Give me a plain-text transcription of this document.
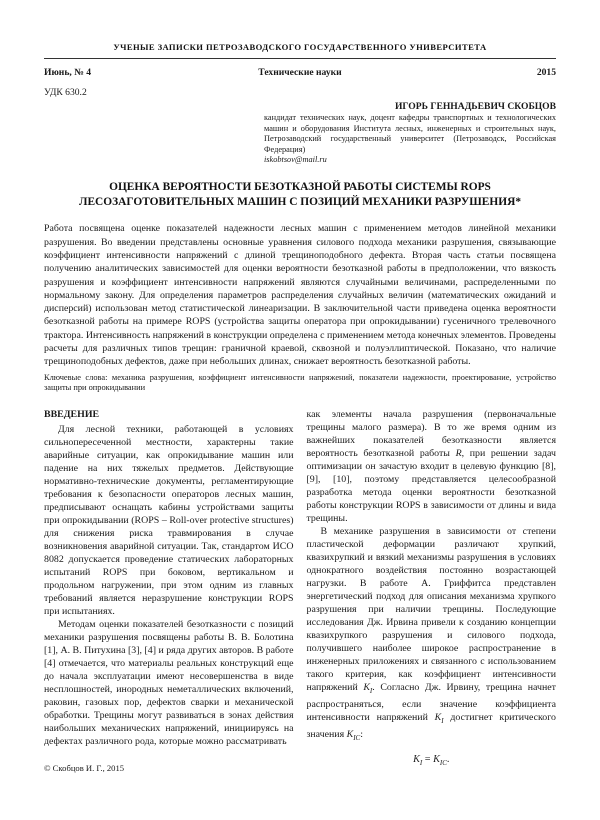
УЧЕНЫЕ ЗАПИСКИ ПЕТРОЗАВОДСКОГО ГОСУДАРСТВЕННОГО УНИВЕРСИТЕТА
Июнь, № 4	Технические науки	2015
УДК 630.2
ИГОРЬ ГЕННАДЬЕВИЧ СКОБЦОВ
кандидат технических наук, доцент кафедры транспортных и технологических машин и оборудования Института лесных, инженерных и строительных наук, Петрозаводский государственный университет (Петрозаводск, Российская Федерация)
iskobtsov@mail.ru
ОЦЕНКА ВЕРОЯТНОСТИ БЕЗОТКАЗНОЙ РАБОТЫ СИСТЕМЫ ROPS
ЛЕСОЗАГОТОВИТЕЛЬНЫХ МАШИН С ПОЗИЦИЙ МЕХАНИКИ РАЗРУШЕНИЯ*

Работа посвящена оценке показателей надежности лесных машин с применением методов линейной механики разрушения. Во введении представлены основные уравнения силового подхода механики разрушения, связывающие коэффициент интенсивности напряжений с длиной трещиноподобного дефекта. Вторая часть статьи посвящена получению аналитических зависимостей для оценки вероятности безотказной работы в предположении, что вязкость разрушения и коэффициент интенсивности напряжений являются случайными величинами, распределенными по нормальному закону. Для определения параметров распределения случайных величин (математических ожиданий и дисперсий) использован метод статистической линеаризации. В заключительной части приведена оценка вероятности безотказной работы на примере ROPS (устройства защиты оператора при опрокидывании) гусеничного трелевочного трактора. Интенсивность напряжений в конструкции определена с применением метода конечных элементов. Проведены расчеты для различных типов трещин: граничной краевой, сквозной и полуэллиптической. Показано, что наличие трещиноподобных дефектов, даже при небольших длинах, снижает вероятность безотказной работы.

Ключевые слова: механика разрушения, коэффициент интенсивности напряжений, показатели надежности, проектирование, устройство защиты при опрокидывании

ВВЕДЕНИЕ

Для лесной техники, работающей в условиях сильнопересеченной местности, характерны такие аварийные ситуации, как опрокидывание машин или падение на них тяжелых предметов. Действующие нормативно-технические документы, регламентирующие требования к безопасности операторов лесных машин, предписывают оснащать кабины устройствами защиты при опрокидывании (ROPS – Roll-over protective structures) для снижения риска травмирования в случае возникновения аварийной ситуации. Так, стандартом ИСО 8082 допускается проведение статических лабораторных испытаний ROPS при боковом, вертикальном и продольном нагружении, при этом одним из главных требований является неразрушение конструкции ROPS при испытаниях.

Методам оценки показателей безотказности с позиций механики разрушения посвящены работы В. В. Болотина [1], А. В. Питухина [3], [4] и ряда других авторов. В работе [4] отмечается, что материалы реальных конструкций еще до начала эксплуатации имеют несовершенства в виде несплошностей, инородных неметаллических включений, раковин, газовых пор, дефектов сварки и механической обработки. Трещины могут развиваться в зонах действия наибольших механических напряжений, инициируясь на дефектах различного рода, которые можно рассматривать

© Скобцов И. Г., 2015

как элементы начала разрушения (первоначальные трещины малого размера). В то же время одним из важнейших показателей безотказности является вероятность безотказной работы R, при решении задач оптимизации он зачастую входит в целевую функцию [8], [9], [10], поэтому представляется целесообразной разработка метода оценки вероятности безотказной работы конструкции ROPS в зависимости от длины и вида трещины.

В механике разрушения в зависимости от степени пластической деформации различают хрупкий, квазихрупкий и вязкий механизмы разрушения в условиях однократного воздействия постоянно возрастающей нагрузки. В работе А. Гриффитса представлен энергетический подход для описания механизма хрупкого разрушения при наличии трещины. Последующие исследования Дж. Ирвина привели к созданию концепции квазихрупкого разрушения и силового подхода, получившего наиболее широкое распространение в инженерных приложениях и связанного с использованием такого критерия, как коэффициент интенсивности напряжений $K_I$. Согласно Дж. Ирвину, трещина начнет распространяться, если значение коэффициента интенсивности напряжений $K_I$ достигнет критического значения $K_{IC}$:

$K_I = K_{IC}$.
